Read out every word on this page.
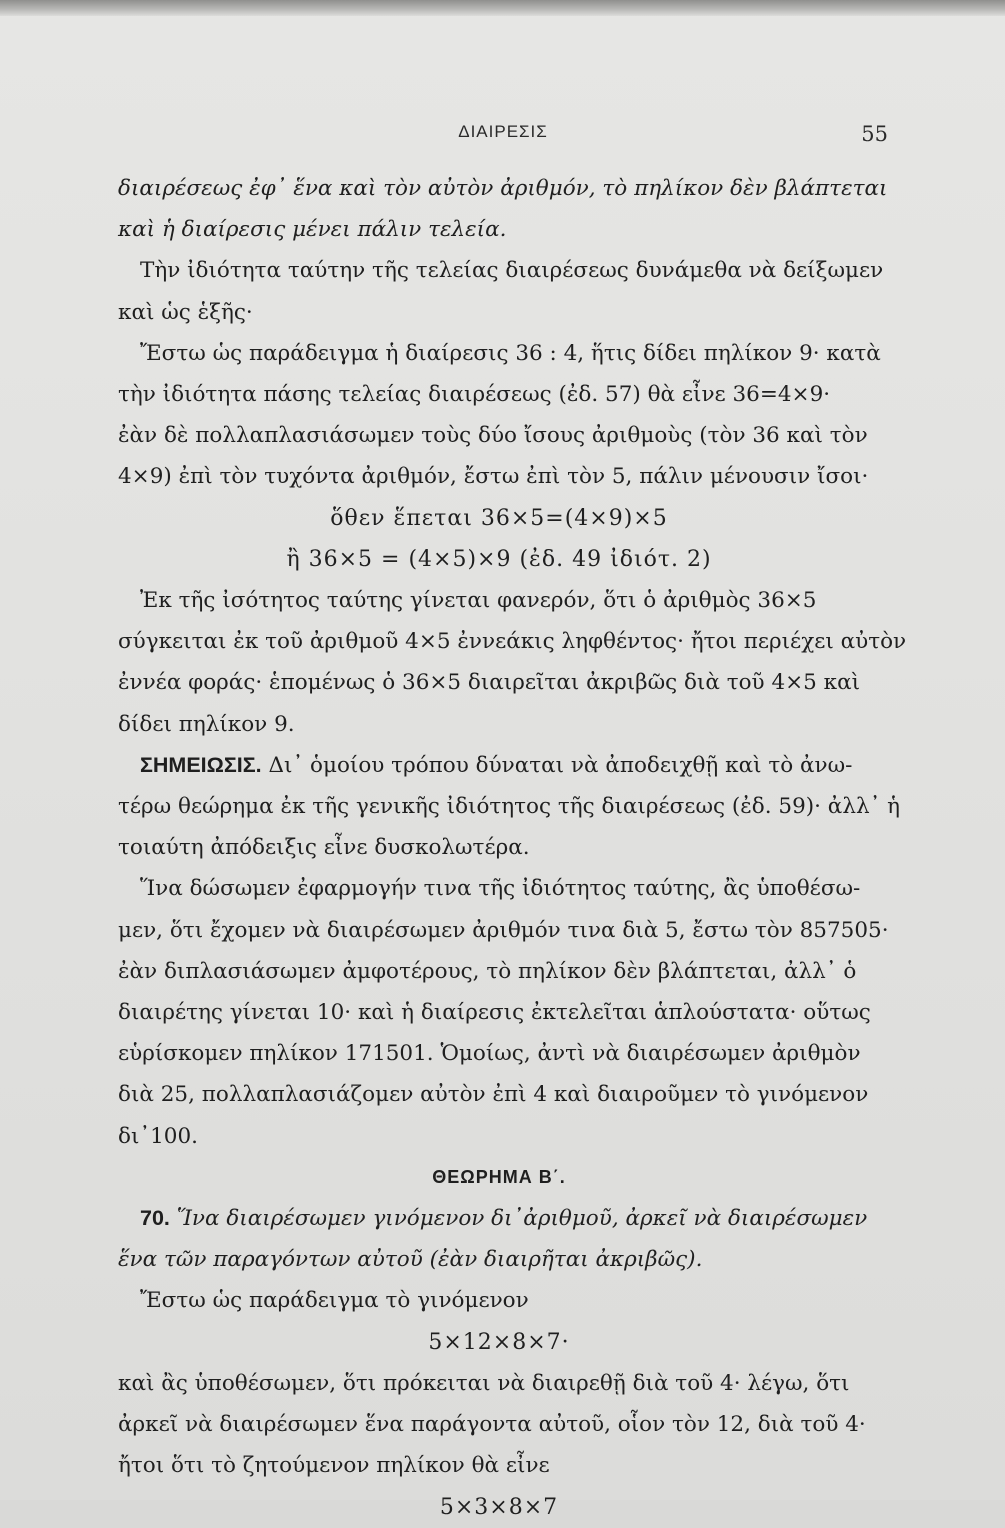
ΔΙΑΙΡΕΣΙΣ	55
διαιρέσεως ἐφ᾽ ἕνα καὶ τὸν αὐτὸν ἀριθμόν, τὸ πηλίκον δὲν βλάπτεται
καὶ ἡ διαίρεσις μένει πάλιν τελεία.
Τὴν ἰδιότητα ταύτην τῆς τελείας διαιρέσεως δυνάμεθα νὰ δείξωμεν
καὶ ὡς ἑξῆς·
Ἔστω ὡς παράδειγμα ἡ διαίρεσις 36 : 4, ἥτις δίδει πηλίκον 9· κατὰ
τὴν ἰδιότητα πάσης τελείας διαιρέσεως (ἐδ. 57) θὰ εἶνε 36=4×9·
ἐὰν δὲ πολλαπλασιάσωμεν τοὺς δύο ἴσους ἀριθμοὺς (τὸν 36 καὶ τὸν
4×9) ἐπὶ τὸν τυχόντα ἀριθμόν, ἔστω ἐπὶ τὸν 5, πάλιν μένουσιν ἴσοι·
ὅθεν ἕπεται 36×5=(4×9)×5
ἢ 36×5 = (4×5)×9 (ἐδ. 49 ἰδιότ. 2)
Ἐκ τῆς ἰσότητος ταύτης γίνεται φανερόν, ὅτι ὁ ἀριθμὸς 36×5
σύγκειται ἐκ τοῦ ἀριθμοῦ 4×5 ἐννεάκις ληφθέντος· ἤτοι περιέχει αὐτὸν
ἐννέα φοράς· ἑπομένως ὁ 36×5 διαιρεῖται ἀκριβῶς διὰ τοῦ 4×5 καὶ
δίδει πηλίκον 9.
ΣΗΜΕΙΩΣΙΣ. Δι᾽ ὁμοίου τρόπου δύναται νὰ ἀποδειχθῇ καὶ τὸ ἀνω-
τέρω θεώρημα ἐκ τῆς γενικῆς ἰδιότητος τῆς διαιρέσεως (ἐδ. 59)· ἀλλ᾽ ἡ
τοιαύτη ἀπόδειξις εἶνε δυσκολωτέρα.
Ἵνα δώσωμεν ἐφαρμογήν τινα τῆς ἰδιότητος ταύτης, ἂς ὑποθέσω-
μεν, ὅτι ἔχομεν νὰ διαιρέσωμεν ἀριθμόν τινα διὰ 5, ἔστω τὸν 857505·
ἐὰν διπλασιάσωμεν ἀμφοτέρους, τὸ πηλίκον δὲν βλάπτεται, ἀλλ᾽ ὁ
διαιρέτης γίνεται 10· καὶ ἡ διαίρεσις ἐκτελεῖται ἁπλούστατα· οὕτως
εὑρίσκομεν πηλίκον 171501. Ὁμοίως, ἀντὶ νὰ διαιρέσωμεν ἀριθμὸν
διὰ 25, πολλαπλασιάζομεν αὐτὸν ἐπὶ 4 καὶ διαιροῦμεν τὸ γινόμενον
δι᾽100.
ΘΕΩΡΗΜΑ Β΄.
70. Ἵνα διαιρέσωμεν γινόμενον δι᾽ἀριθμοῦ, ἀρκεῖ νὰ διαιρέσωμεν
ἕνα τῶν παραγόντων αὐτοῦ (ἐὰν διαιρῆται ἀκριβῶς).
Ἔστω ὡς παράδειγμα τὸ γινόμενον
5×12×8×7·
καὶ ἂς ὑποθέσωμεν, ὅτι πρόκειται νὰ διαιρεθῇ διὰ τοῦ 4· λέγω, ὅτι
ἀρκεῖ νὰ διαιρέσωμεν ἕνα παράγοντα αὐτοῦ, οἷον τὸν 12, διὰ τοῦ 4·
ἤτοι ὅτι τὸ ζητούμενον πηλίκον θὰ εἶνε
5×3×8×7
